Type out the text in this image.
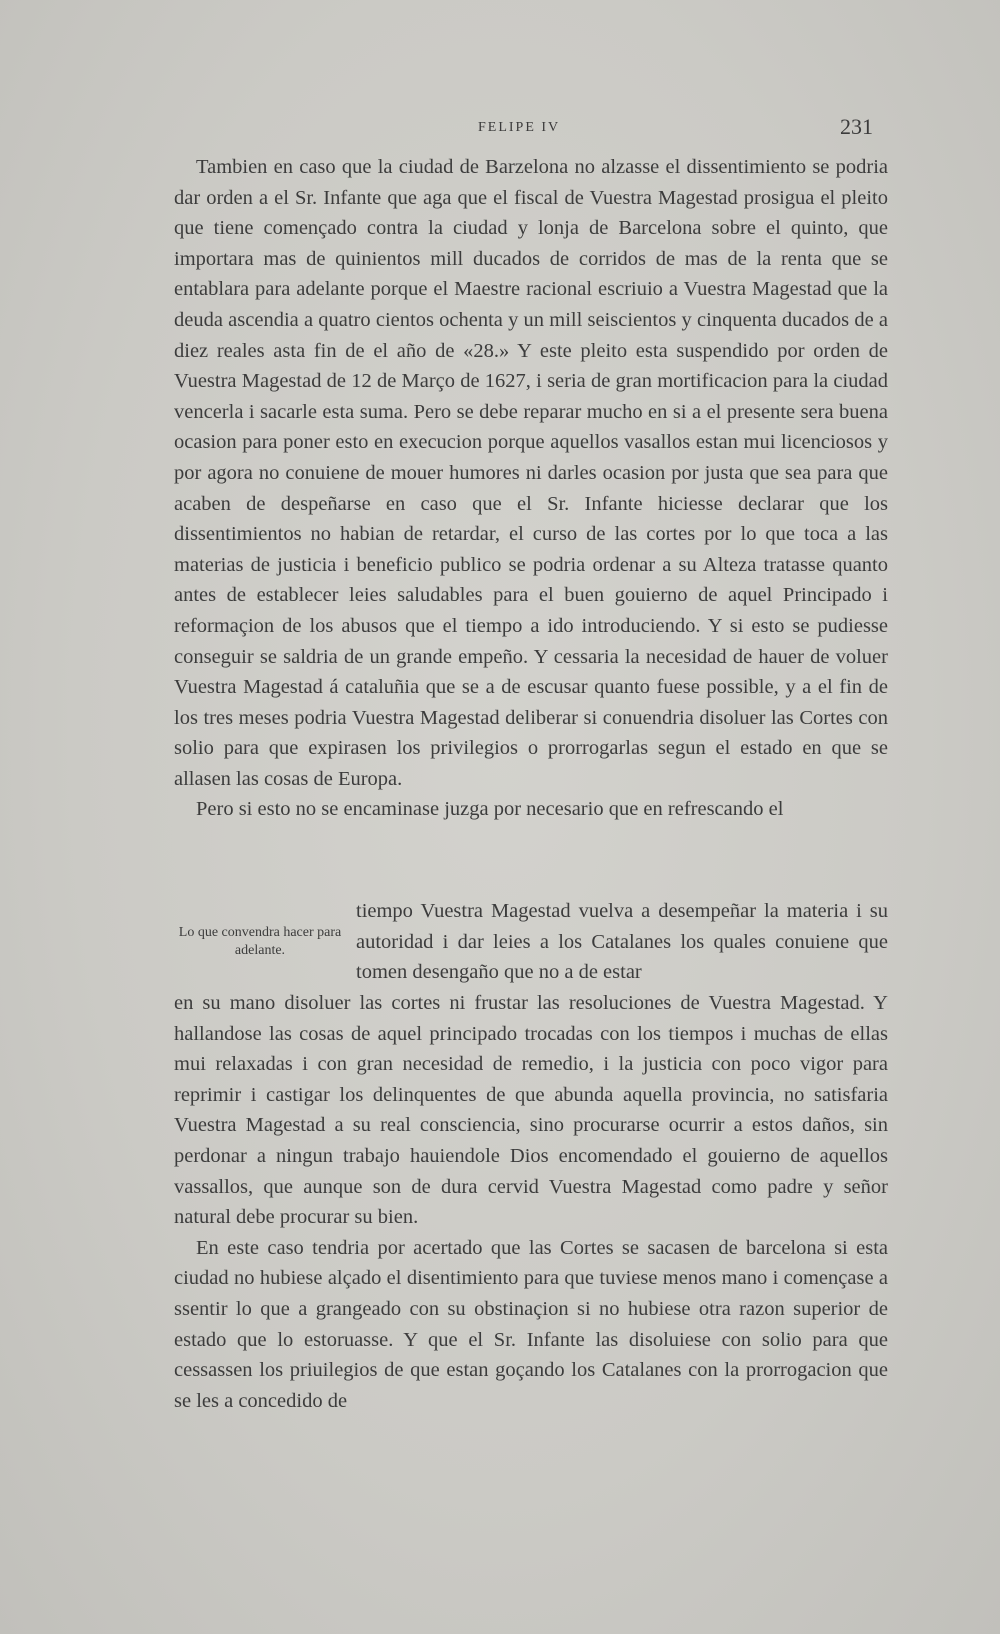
FELIPE IV	231

Tambien en caso que la ciudad de Barzelona no alzasse el dissentimiento se podria dar orden a el Sr. Infante que aga que el fiscal de Vuestra Magestad prosigua el pleito que tiene començado contra la ciudad y lonja de Barcelona sobre el quinto, que importara mas de quinientos mill ducados de corridos de mas de la renta que se entablara para adelante porque el Maestre racional escriuio a Vuestra Magestad que la deuda ascendia a quatro cientos ochenta y un mill seiscientos y cinquenta ducados de a diez reales asta fin de el año de «28.» Y este pleito esta suspendido por orden de Vuestra Magestad de 12 de Março de 1627, i seria de gran mortificacion para la ciudad vencerla i sacarle esta suma. Pero se debe reparar mucho en si a el presente sera buena ocasion para poner esto en execucion porque aquellos vasallos estan mui licenciosos y por agora no conuiene de mouer humores ni darles ocasion por justa que sea para que acaben de despeñarse en caso que el Sr. Infante hiciesse declarar que los dissentimientos no habian de retardar, el curso de las cortes por lo que toca a las materias de justicia i beneficio publico se podria ordenar a su Alteza tratasse quanto antes de establecer leies saludables para el buen gouierno de aquel Principado i reformaçion de los abusos que el tiempo a ido introduciendo. Y si esto se pudiesse conseguir se saldria de un grande empeño. Y cessaria la necesidad de hauer de voluer Vuestra Magestad á cataluñia que se a de escusar quanto fuese possible, y a el fin de los tres meses podria Vuestra Magestad deliberar si conuendria disoluer las Cortes con solio para que expirasen los privilegios o prorrogarlas segun el estado en que se allasen las cosas de Europa.

Pero si esto no se encaminase juzga por necesario que en refrescando el

Lo que convendra hacer para adelante.
tiempo Vuestra Magestad vuelva a desempeñar la materia i su autoridad i dar leies a los Catalanes los quales conuiene que tomen desengaño que no a de estar

en su mano disoluer las cortes ni frustar las resoluciones de Vuestra Magestad. Y hallandose las cosas de aquel principado trocadas con los tiempos i muchas de ellas mui relaxadas i con gran necesidad de remedio, i la justicia con poco vigor para reprimir i castigar los delinquentes de que abunda aquella provincia, no satisfaria Vuestra Magestad a su real consciencia, sino procurarse ocurrir a estos daños, sin perdonar a ningun trabajo hauiendole Dios encomendado el gouierno de aquellos vassallos, que aunque son de dura cervid Vuestra Magestad como padre y señor natural debe procurar su bien.

En este caso tendria por acertado que las Cortes se sacasen de barcelona si esta ciudad no hubiese alçado el disentimiento para que tuviese menos mano i començase a ssentir lo que a grangeado con su obstinaçion si no hubiese otra razon superior de estado que lo estoruasse. Y que el Sr. Infante las disoluiese con solio para que cessassen los priuilegios de que estan goçando los Catalanes con la prorrogacion que se les a concedido de
